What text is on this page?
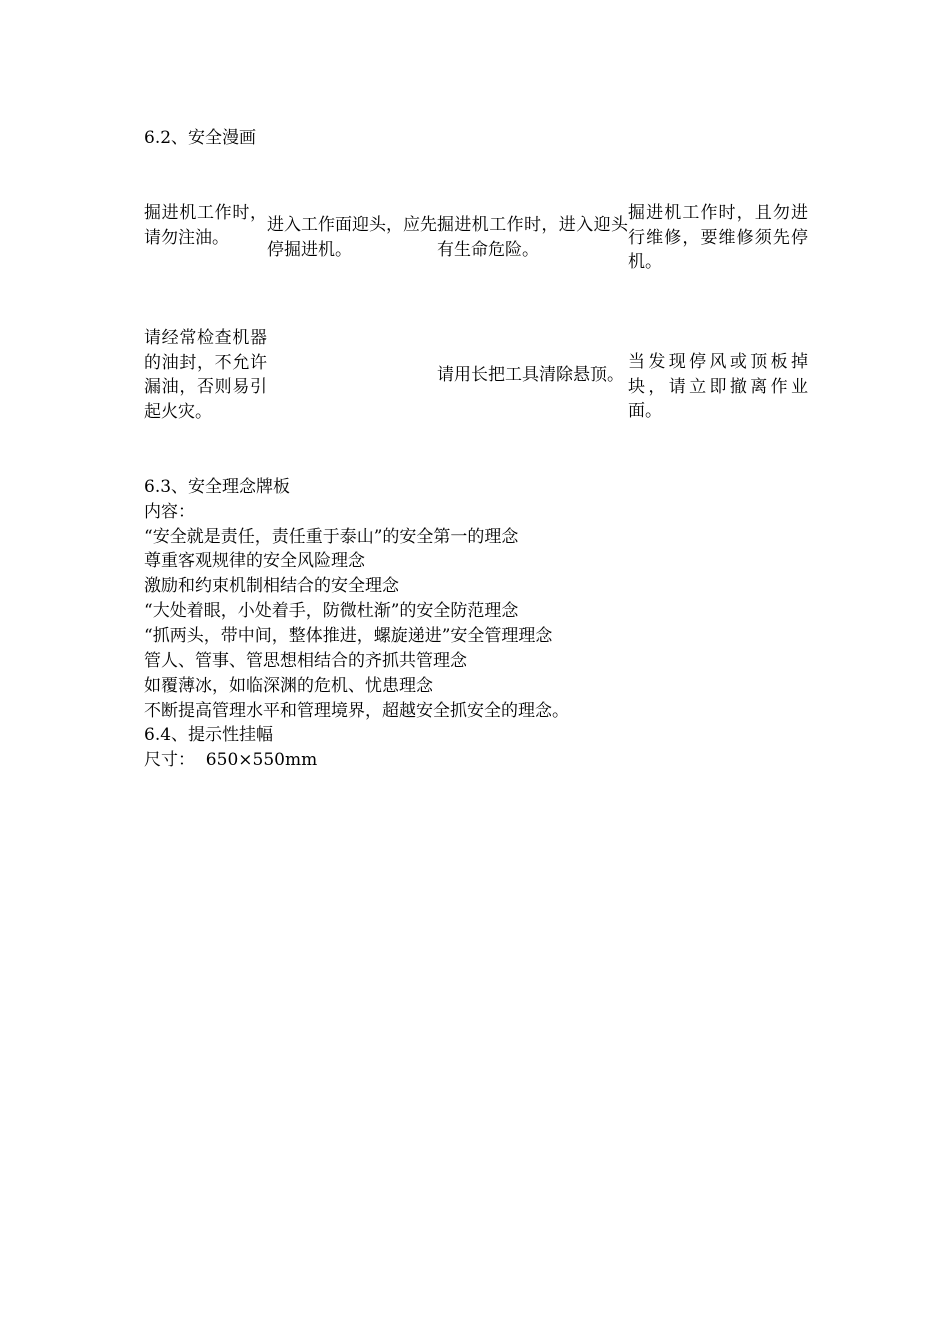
6.2、安全漫画
掘进机工作时，请勿注油。
进入工作面迎头，应先停掘进机。
掘进机工作时，进入迎头有生命危险。
掘进机工作时，且勿进行维修，要维修须先停机。
请经常检查机器的油封，不允许漏油，否则易引起火灾。
请用长把工具清除悬顶。
当发现停风或顶板掉块，请立即撤离作业面。
6.3、安全理念牌板
内容：
“安全就是责任，责任重于泰山”的安全第一的理念
尊重客观规律的安全风险理念
激励和约束机制相结合的安全理念
“大处着眼，小处着手，防微杜渐”的安全防范理念
“抓两头，带中间，整体推进，螺旋递进”安全管理理念
管人、管事、管思想相结合的齐抓共管理念
如覆薄冰，如临深渊的危机、忧患理念
不断提高管理水平和管理境界，超越安全抓安全的理念。
6.4、提示性挂幅
尺寸：  650×550mm
